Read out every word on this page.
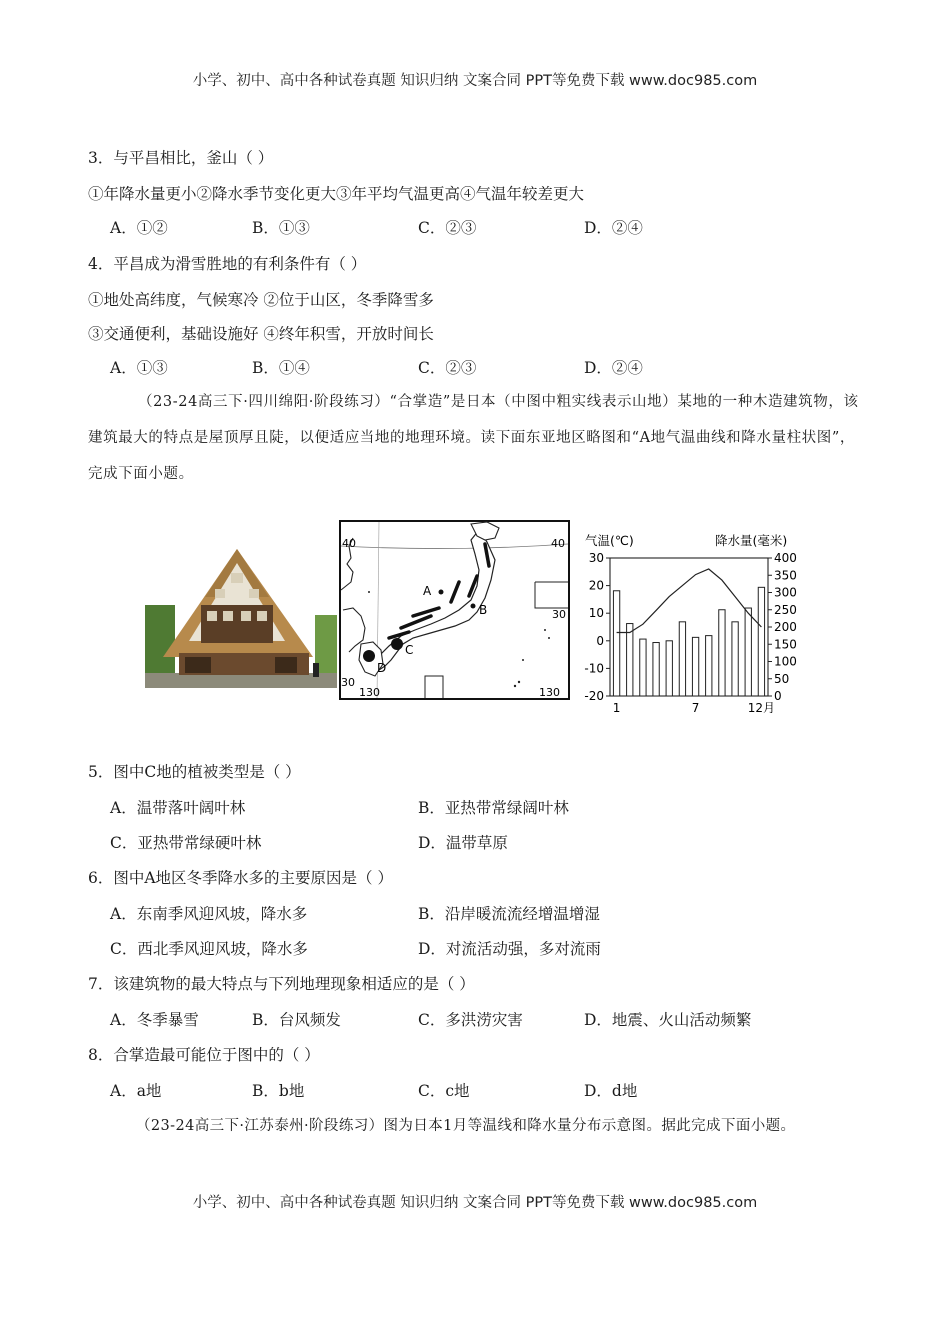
小学、初中、高中各种试卷真题 知识归纳 文案合同 PPT等免费下载 www.doc985.com
3．与平昌相比，釜山（ ）
①年降水量更小②降水季节变化更大③年平均气温更高④气温年较差更大
A．①②	B．①③	C．②③	D．②④
4．平昌成为滑雪胜地的有利条件有（ ）
①地处高纬度，气候寒冷 ②位于山区，冬季降雪多
③交通便利，基础设施好 ④终年积雪，开放时间长
A．①③	B．①④	C．②③	D．②④
（23-24高三下·四川绵阳·阶段练习）“合掌造”是日本（中图中粗实线表示山地）某地的一种木造建筑物，该建筑最大的特点是屋顶厚且陡，以便适应当地的地理环境。读下面东亚地区略图和“A地气温曲线和降水量柱状图”，完成下面小题。
A
B
C
D
40	40
30
30
130	130
气温(℃)	降水量(毫米)
30
20
10
0
-10
-20
400
350
300
250
200
150
100
50
0
1	7	12月
5．图中C地的植被类型是（ ）
A．温带落叶阔叶林	B．亚热带常绿阔叶林
C．亚热带常绿硬叶林	D．温带草原
6．图中A地区冬季降水多的主要原因是（ ）
A．东南季风迎风坡，降水多	B．沿岸暖流流经增温增湿
C．西北季风迎风坡，降水多	D．对流活动强，多对流雨
7．该建筑物的最大特点与下列地理现象相适应的是（ ）
A．冬季暴雪	B．台风频发	C．多洪涝灾害	D．地震、火山活动频繁
8．合掌造最可能位于图中的（ ）
A．a地	B．b地	C．c地	D．d地
（23-24高三下·江苏泰州·阶段练习）图为日本1月等温线和降水量分布示意图。据此完成下面小题。
小学、初中、高中各种试卷真题 知识归纳 文案合同 PPT等免费下载 www.doc985.com
